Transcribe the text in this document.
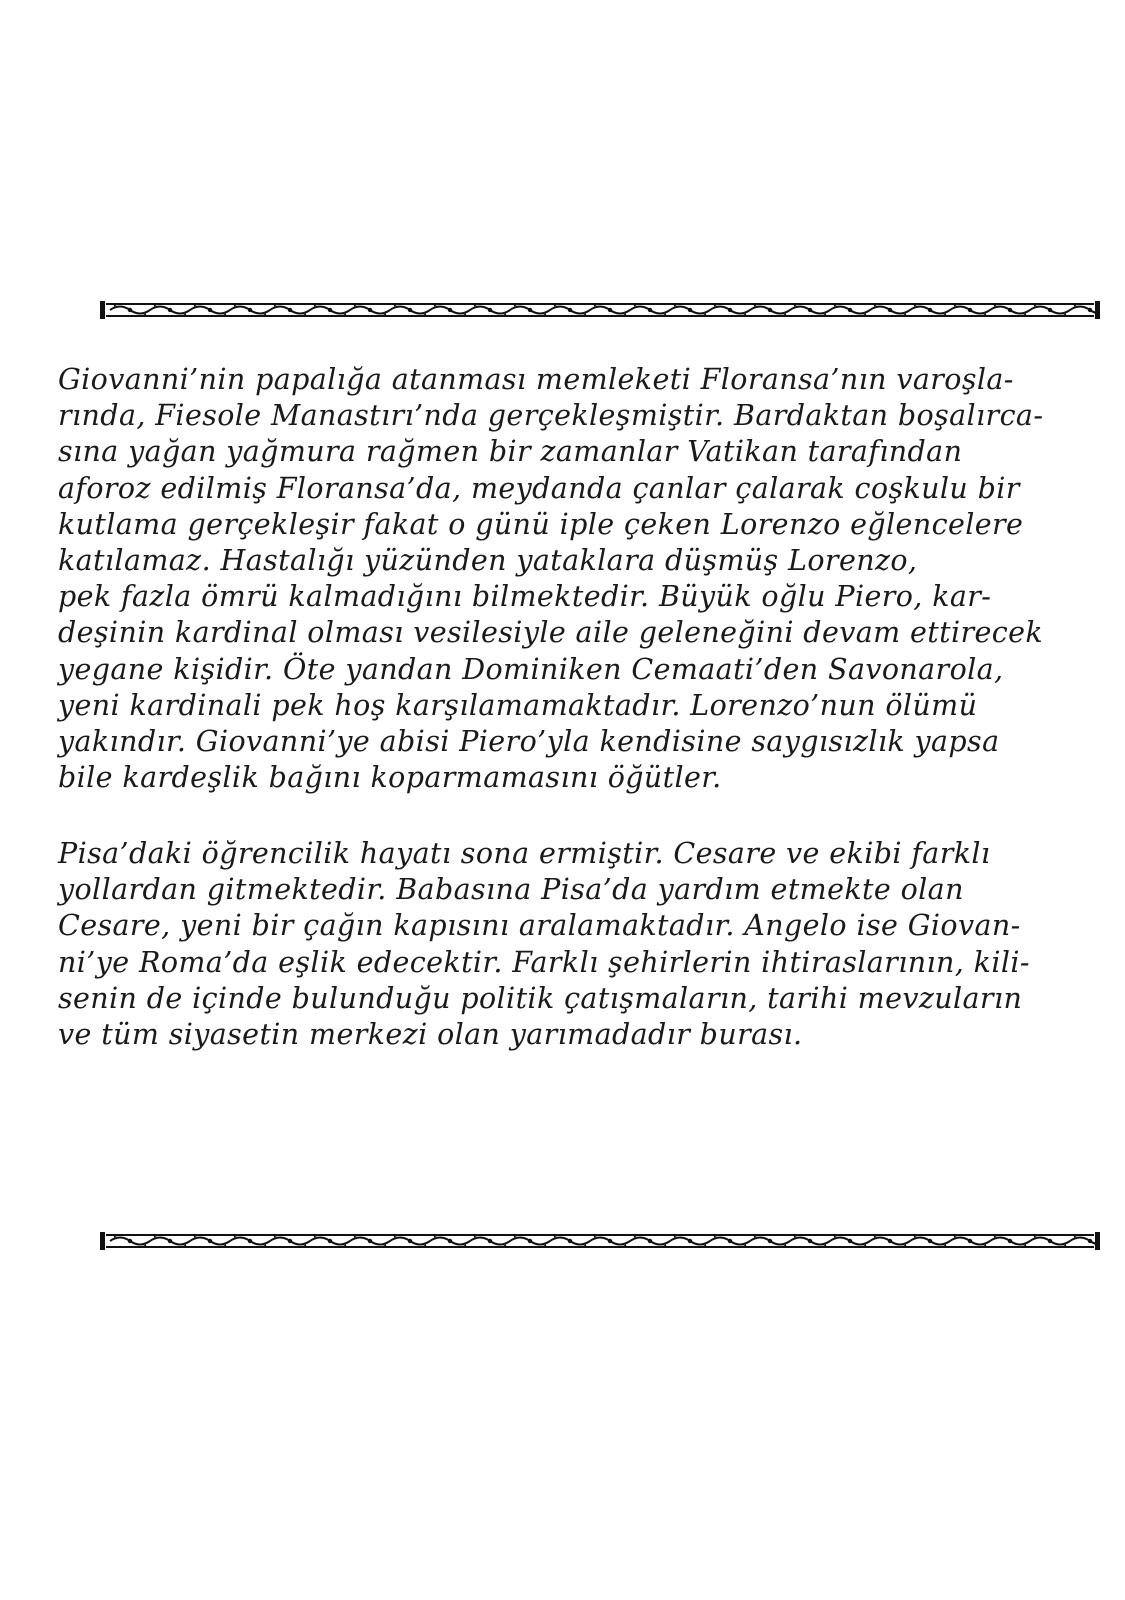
Giovanni’nin papalığa atanması memleketi Floransa’nın varoşla-
rında, Fiesole Manastırı’nda gerçekleşmiştir. Bardaktan boşalırca-
sına yağan yağmura rağmen bir zamanlar Vatikan tarafından
aforoz edilmiş Floransa’da, meydanda çanlar çalarak coşkulu bir
kutlama gerçekleşir fakat o günü iple çeken Lorenzo eğlencelere
katılamaz. Hastalığı yüzünden yataklara düşmüş Lorenzo,
pek fazla ömrü kalmadığını bilmektedir. Büyük oğlu Piero, kar-
deşinin kardinal olması vesilesiyle aile geleneğini devam ettirecek
yegane kişidir. Öte yandan Dominiken Cemaati’den Savonarola,
yeni kardinali pek hoş karşılamamaktadır. Lorenzo’nun ölümü
yakındır. Giovanni’ye abisi Piero’yla kendisine saygısızlık yapsa
bile kardeşlik bağını koparmamasını öğütler.
Pisa’daki öğrencilik hayatı sona ermiştir. Cesare ve ekibi farklı
yollardan gitmektedir. Babasına Pisa’da yardım etmekte olan
Cesare, yeni bir çağın kapısını aralamaktadır. Angelo ise Giovan-
ni’ye Roma’da eşlik edecektir. Farklı şehirlerin ihtiraslarının, kili-
senin de içinde bulunduğu politik çatışmaların, tarihi mevzuların
ve tüm siyasetin merkezi olan yarımadadır burası.
